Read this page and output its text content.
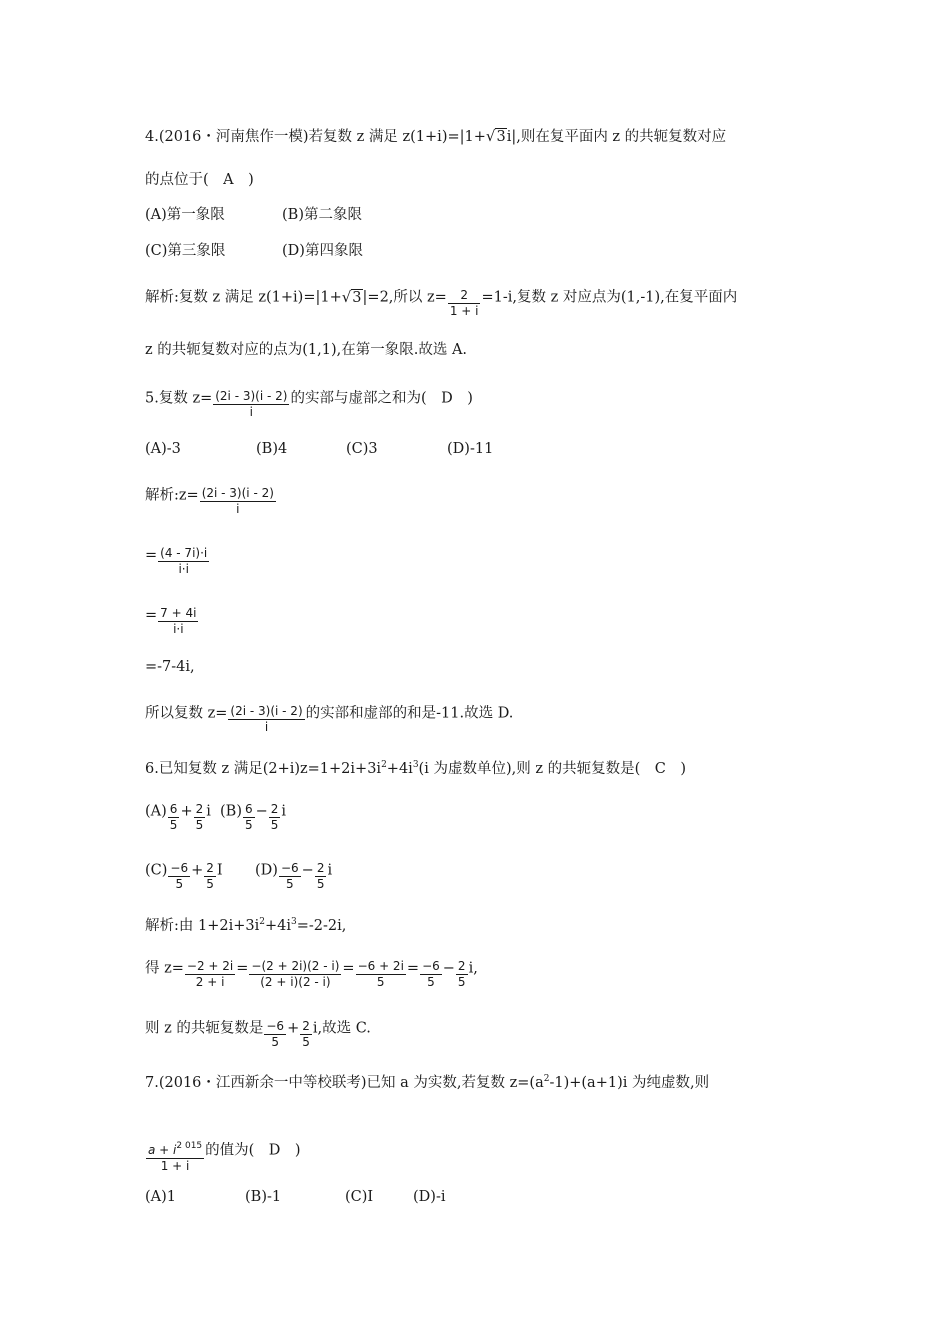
4.(2016・河南焦作一模)若复数 z 满足 z(1+i)=|1+√3i|,则在复平面内 z 的共轭复数对应
的点位于(　A　)
(A)第一象限	(B)第二象限
(C)第三象限	(D)第四象限
解析:复数 z 满足 z(1+i)=|1+√3|=2,所以 $z= \frac{2}{1 + i} =1-i$,复数 z 对应点为(1,-1),在复平面内
z 的共轭复数对应的点为(1,1),在第一象限.故选 A.
5.复数 $z= \frac{(2i - 3)(i - 2)}{i}$ 的实部与虚部之和为(　D　)
(A)-3	(B)4	(C)3	(D)-11
解析:z= $\frac{(2i - 3)(i - 2)}{i}$
= $\frac{(4 - 7i)\cdot i}{i\cdot i}$
= $\frac{7 + 4i}{i\cdot i}$
=-7-4i,
所以复数 $z= \frac{(2i - 3)(i - 2)}{i}$ 的实部和虚部的和是-11.故选 D.
6.已知复数 z 满足$(2+i)z=1+2i+3i^2+4i^3(i$ 为虚数单位),则 z 的共轭复数是(　C　)
$(A) \frac{6}{5} + \frac{2}{5}$ i $(B) \frac{6}{5} - \frac{2}{5}$ i
$(C) \frac{-6}{5} + \frac{2}{5}$ I $(D) \frac{-6}{5} - \frac{2}{5}$ i
解析:由 $1+2i+3i^2+4i^3=-2-2i$,
得 $z= \frac{-2 + 2i}{2 + i} = \frac{-(2 + 2i)(2 - i)}{(2 + i)(2 - i)} = \frac{-6 + 2i}{5} = \frac{-6}{5} - \frac{2}{5} i$,
则 z 的共轭复数是 $\frac{-6}{5} + \frac{2}{5} i$,故选 C.
7.(2016・江西新余一中等校联考)已知 a 为实数,若复数 $z=(a^2-1)+(a+1)i$ 为纯虚数,则
$\frac{a + i^{2 015}}{1 + i}$ 的值为(　D　)
(A)1	(B)-1	(C)I	(D)-i
